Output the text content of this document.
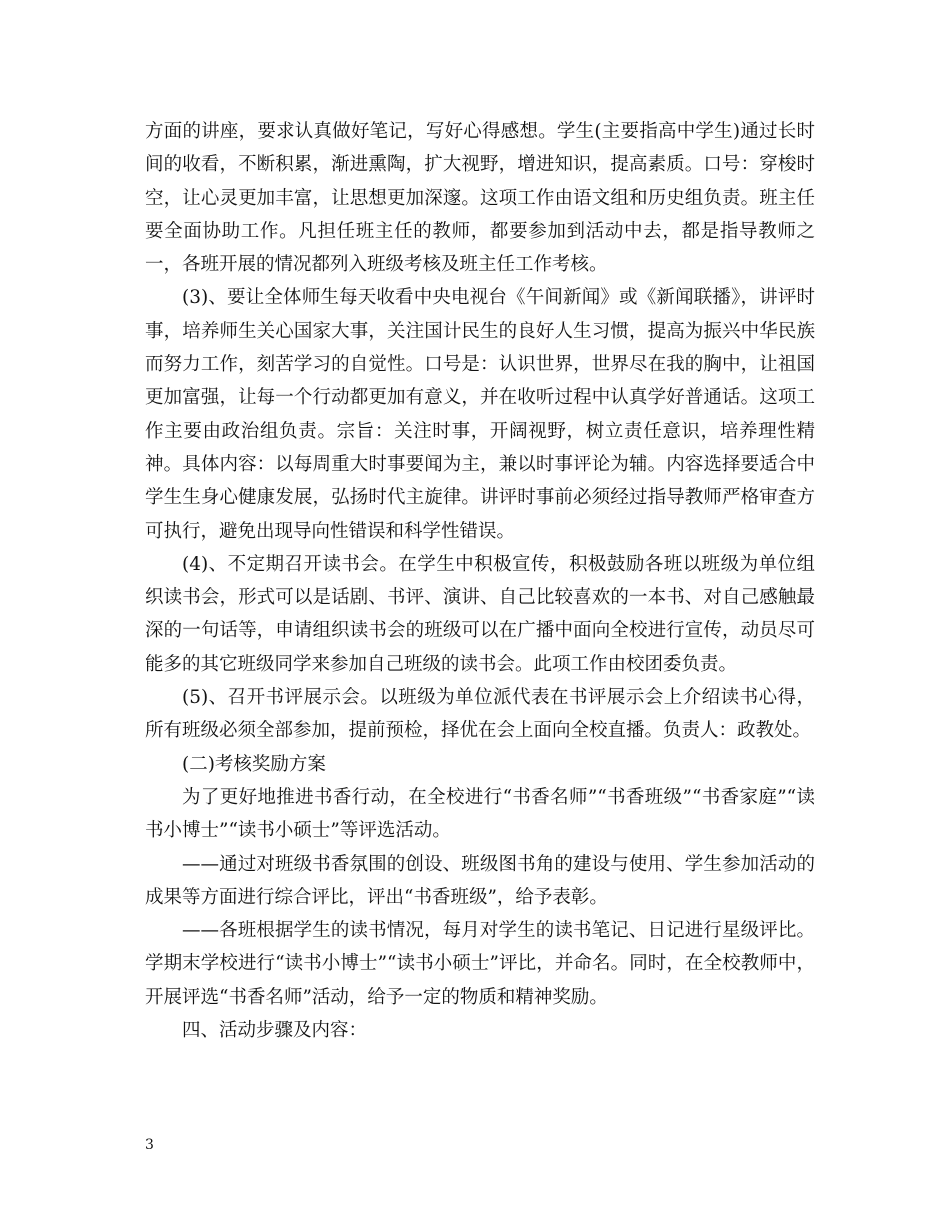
方面的讲座，要求认真做好笔记，写好心得感想。学生(主要指高中学生)通过长时间的收看，不断积累，渐进熏陶，扩大视野，增进知识，提高素质。口号：穿梭时空，让心灵更加丰富，让思想更加深邃。这项工作由语文组和历史组负责。班主任要全面协助工作。凡担任班主任的教师，都要参加到活动中去，都是指导教师之一，各班开展的情况都列入班级考核及班主任工作考核。

(3)、要让全体师生每天收看中央电视台《午间新闻》或《新闻联播》，讲评时事，培养师生关心国家大事，关注国计民生的良好人生习惯，提高为振兴中华民族而努力工作，刻苦学习的自觉性。口号是：认识世界，世界尽在我的胸中，让祖国更加富强，让每一个行动都更加有意义，并在收听过程中认真学好普通话。这项工作主要由政治组负责。宗旨：关注时事，开阔视野，树立责任意识，培养理性精神。具体内容：以每周重大时事要闻为主，兼以时事评论为辅。内容选择要适合中学生生身心健康发展，弘扬时代主旋律。讲评时事前必须经过指导教师严格审查方可执行，避免出现导向性错误和科学性错误。

(4)、不定期召开读书会。在学生中积极宣传，积极鼓励各班以班级为单位组织读书会，形式可以是话剧、书评、演讲、自己比较喜欢的一本书、对自己感触最深的一句话等，申请组织读书会的班级可以在广播中面向全校进行宣传，动员尽可能多的其它班级同学来参加自己班级的读书会。此项工作由校团委负责。

(5)、召开书评展示会。以班级为单位派代表在书评展示会上介绍读书心得，所有班级必须全部参加，提前预检，择优在会上面向全校直播。负责人：政教处。

(二)考核奖励方案

为了更好地推进书香行动，在全校进行“书香名师”“书香班级”“书香家庭”“读书小博士”“读书小硕士”等评选活动。

——通过对班级书香氛围的创设、班级图书角的建设与使用、学生参加活动的成果等方面进行综合评比，评出“书香班级”，给予表彰。

——各班根据学生的读书情况，每月对学生的读书笔记、日记进行星级评比。学期末学校进行“读书小博士”“读书小硕士”评比，并命名。同时，在全校教师中，开展评选“书香名师”活动，给予一定的物质和精神奖励。

四、活动步骤及内容：

3
